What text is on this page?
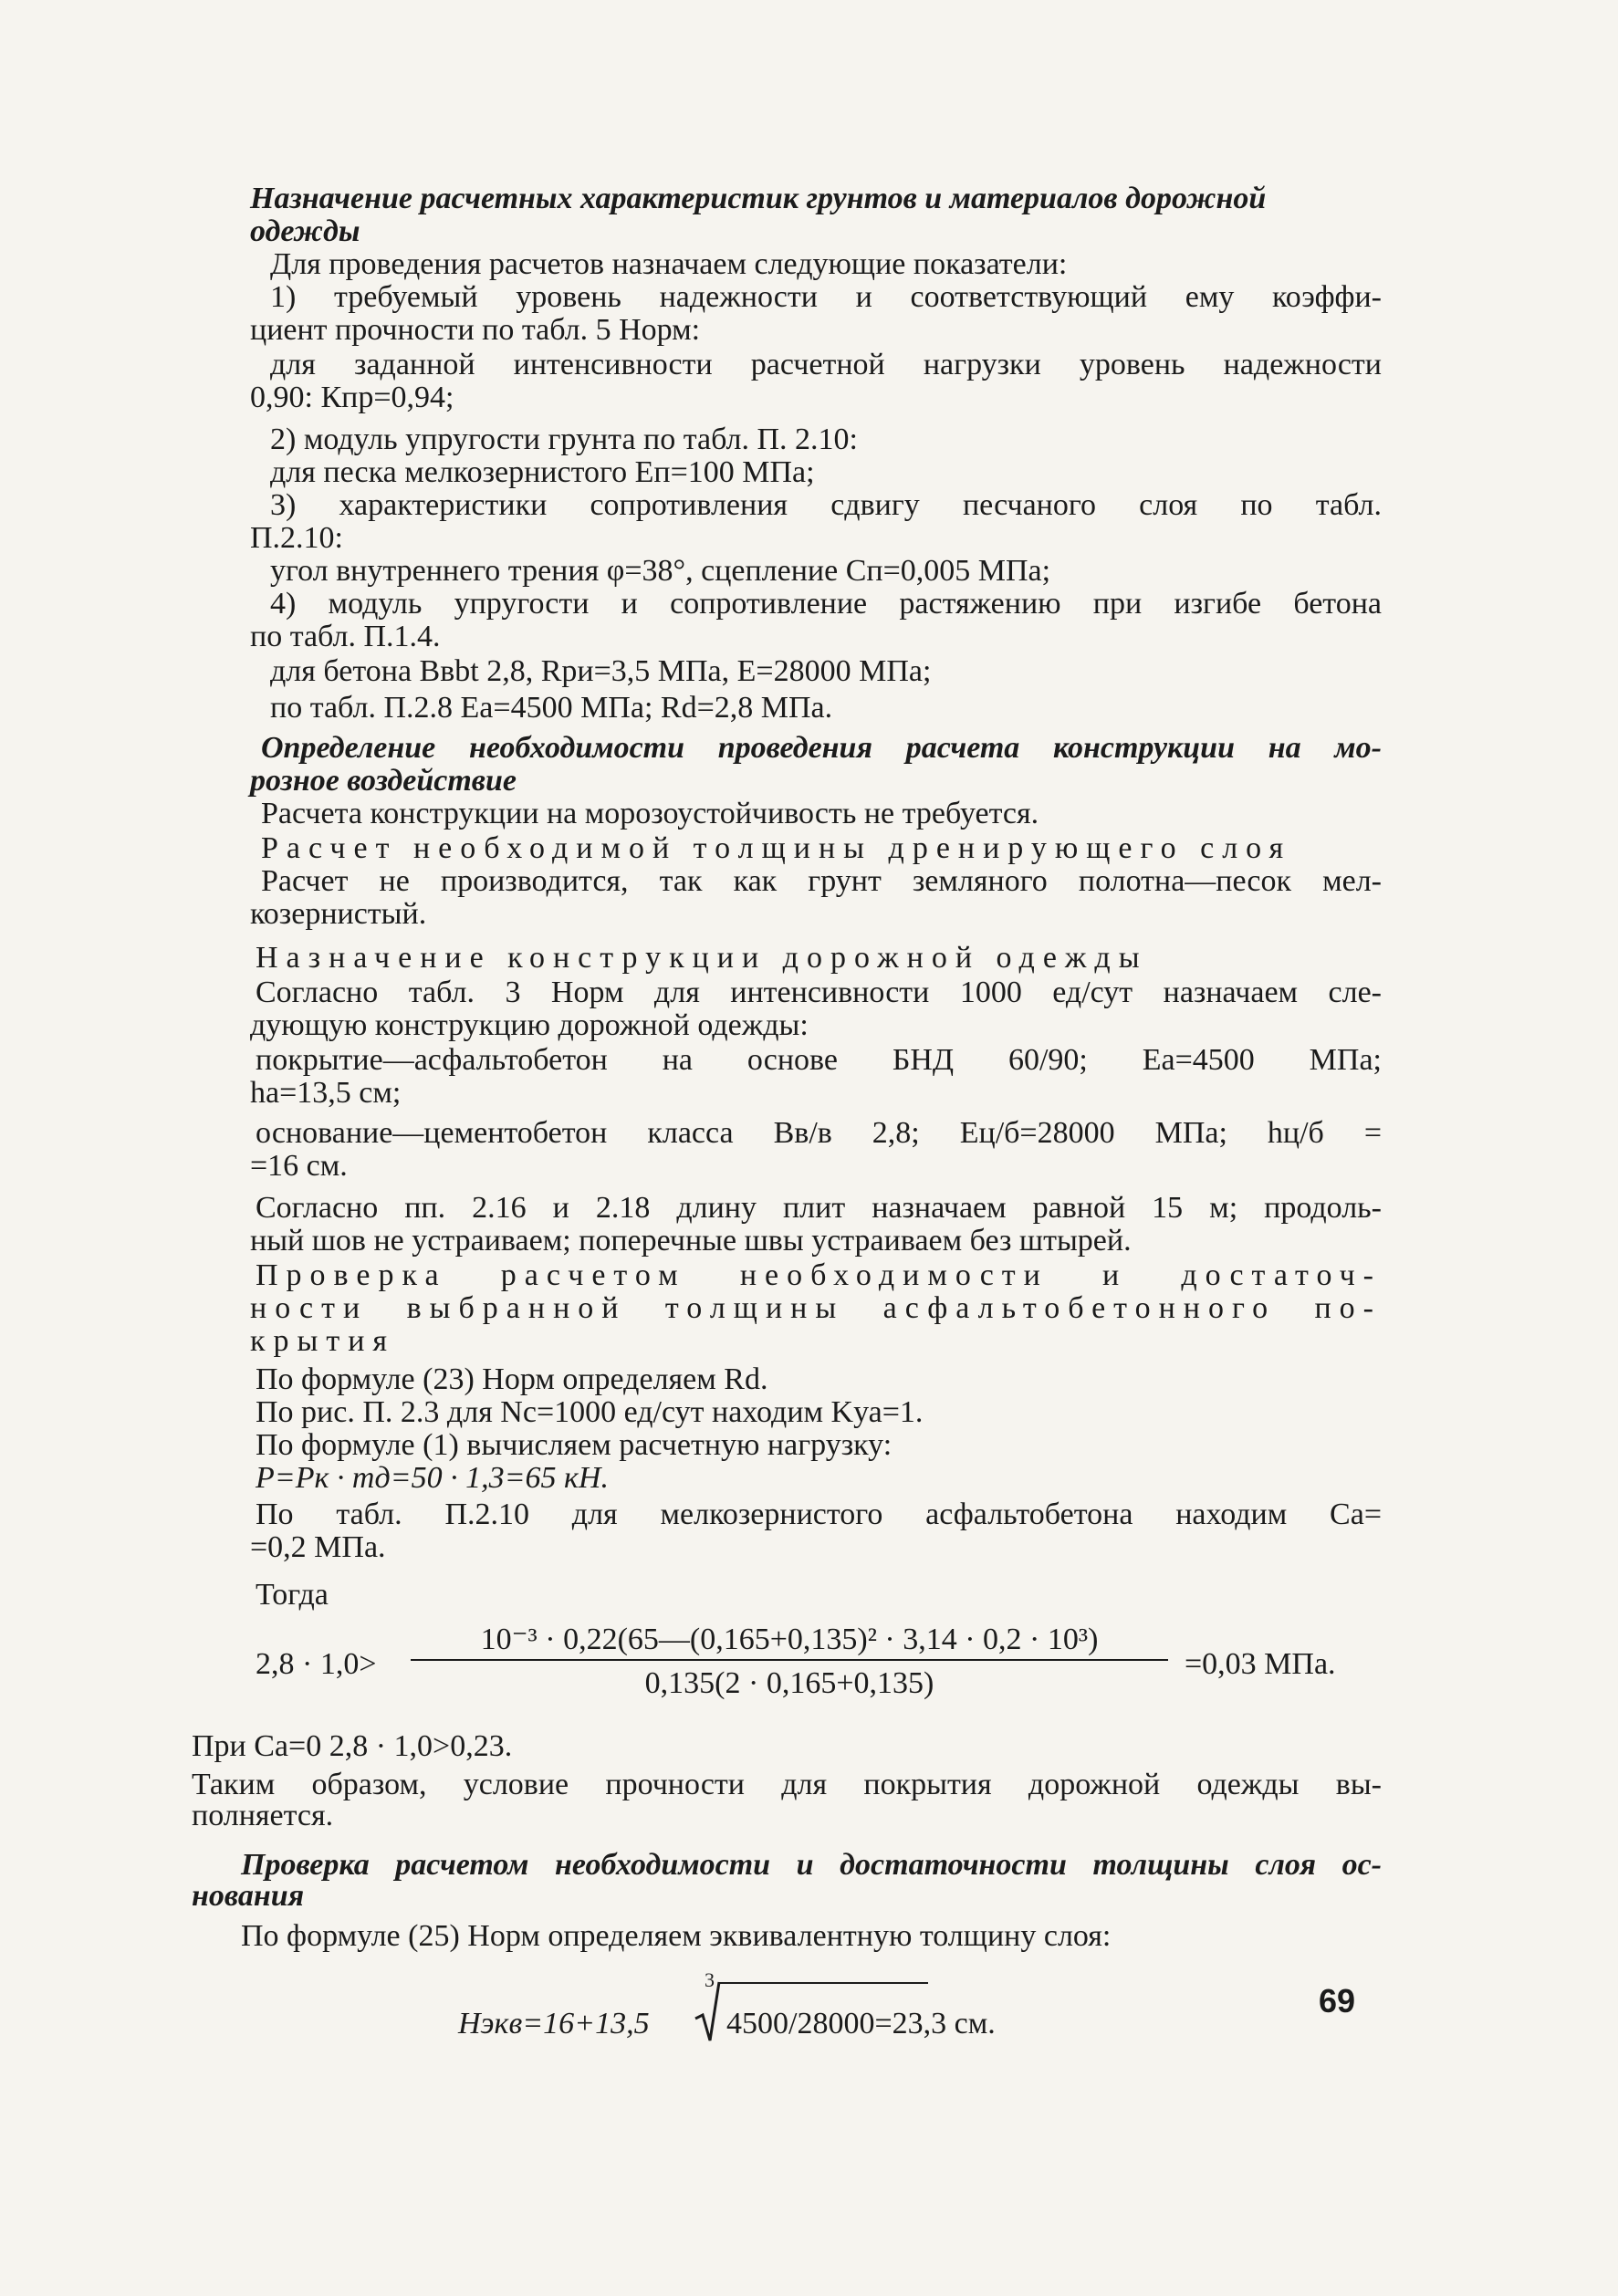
Назначение расчетных характеристик грунтов и материалов дорожной
одежды
Для проведения расчетов назначаем следующие показатели:
1) требуемый уровень надежности и соответствующий ему коэффи-
циент прочности по табл. 5 Норм:
для заданной интенсивности расчетной нагрузки уровень надежности
0,90: Кпр=0,94;
2) модуль упругости грунта по табл. П. 2.10:
для песка мелкозернистого Eп=100 МПа;
3) характеристики сопротивления сдвигу песчаного слоя по табл.
П.2.10:
угол внутреннего трения φ=38°, сцепление Cп=0,005 МПа;
4) модуль упругости и сопротивление растяжению при изгибе бетона
по табл. П.1.4.
для бетона Bвbt 2,8, Rри=3,5 МПа, E=28000 МПа;
по табл. П.2.8 Eа=4500 МПа; Rd=2,8 МПа.
Определение необходимости проведения расчета конструкции на мо-
розное воздействие
Расчета конструкции на морозоустойчивость не требуется.
Расчет необходимой толщины дренирующего слоя
Расчет не производится, так как грунт земляного полотна—песок мел-
козернистый.
Назначение конструкции дорожной одежды
Согласно табл. 3 Норм для интенсивности 1000 ед/сут назначаем сле-
дующую конструкцию дорожной одежды:
покрытие—асфальтобетон на основе БНД 60/90; Eа=4500 МПа;
hа=13,5 см;
основание—цементобетон класса Bв/в 2,8; Eц/б=28000 МПа; hц/б =
=16 см.
Согласно пп. 2.16 и 2.18 длину плит назначаем равной 15 м; продоль-
ный шов не устраиваем; поперечные швы устраиваем без штырей.
Проверка расчетом необходимости и достаточ-
ности выбранной толщины асфальтобетонного по-
крытия
По формуле (23) Норм определяем Rd.
По рис. П. 2.3 для Nc=1000 ед/сут находим Kуа=1.
По формуле (1) вычисляем расчетную нагрузку:
P=Pк · mд=50 · 1,3=65 кН.
По табл. П.2.10 для мелкозернистого асфальтобетона находим Cа=
=0,2 МПа.
Тогда
2,8 · 1,0>
10⁻³ · 0,22(65—(0,165+0,135)² · 3,14 · 0,2 · 10³)
0,135(2 · 0,165+0,135)
=0,03 МПа.
При Cа=0 2,8 · 1,0>0,23.
Таким образом, условие прочности для покрытия дорожной одежды вы-
полняется.
Проверка расчетом необходимости и достаточности толщины слоя ос-
нования
По формуле (25) Норм определяем эквивалентную толщину слоя:
Hэкв=16+13,5
3
4500/28000=23,3 см.
69
